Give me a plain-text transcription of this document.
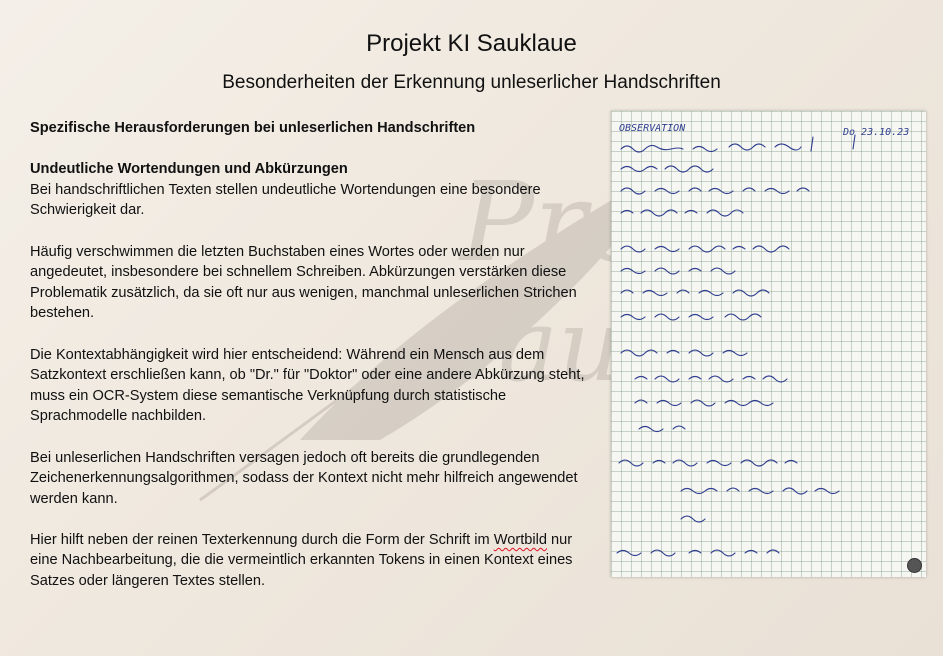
Projekt KI Sauklaue
Besonderheiten der Erkennung unleserlicher Handschriften

Spezifische Herausforderungen bei unleserlichen Handschriften

Undeutliche Wortendungen und Abkürzungen

Bei handschriftlichen Texten stellen undeutliche Wortendungen eine besondere Schwierigkeit dar.

Häufig verschwimmen die letzten Buchstaben eines Wortes oder werden nur angedeutet, insbesondere bei schnellem Schreiben. Abkürzungen verstärken diese Problematik zusätzlich, da sie oft nur aus wenigen, manchmal unleserlichen Strichen bestehen.

Die Kontextabhängigkeit wird hier entscheidend: Während ein Mensch aus dem Satzkontext erschließen kann, ob "Dr." für "Doktor" oder eine andere Abkürzung steht, muss ein OCR-System diese semantische Verknüpfung durch statistische Sprachmodelle nachbilden.

Bei unleserlichen Handschriften versagen jedoch oft bereits die grundlegenden Zeichenerkennungsalgorithmen, sodass der Kontext nicht mehr hilfreich angewendet werden kann.

Hier hilft neben der reinen Texterkennung durch die Form der Schrift im Wortbild nur eine Nachbearbeitung, die die vermeintlich erkannten Tokens in einen Kontext eines Satzes oder längeren Textes stellen.

OBSERVATION	Do 23.10.23
